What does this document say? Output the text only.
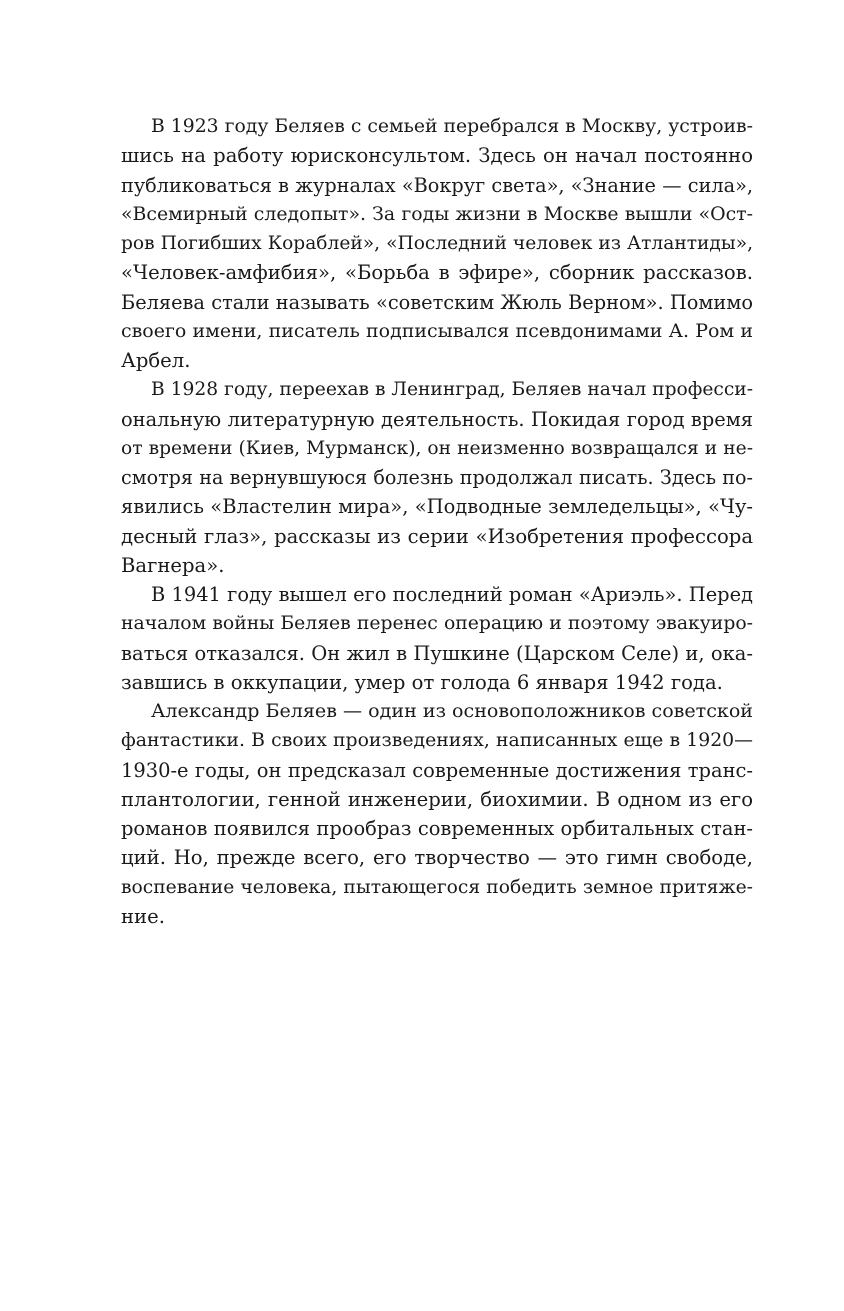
В 1923 году Беляев с семьей перебрался в Москву, устроив-
шись на работу юрисконсультом. Здесь он начал постоянно
публиковаться в журналах «Вокруг света», «Знание — сила»,
«Всемирный следопыт». За годы жизни в Москве вышли «Ост-
ров Погибших Кораблей», «Последний человек из Атлантиды»,
«Человек-амфибия», «Борьба в эфире», сборник рассказов.
Беляева стали называть «советским Жюль Верном». Помимо
своего имени, писатель подписывался псевдонимами А. Ром и
Арбел.
В 1928 году, переехав в Ленинград, Беляев начал професси-
ональную литературную деятельность. Покидая город время
от времени (Киев, Мурманск), он неизменно возвращался и не-
смотря на вернувшуюся болезнь продолжал писать. Здесь по-
явились «Властелин мира», «Подводные земледельцы», «Чу-
десный глаз», рассказы из серии «Изобретения профессора
Вагнера».
В 1941 году вышел его последний роман «Ариэль». Перед
началом войны Беляев перенес операцию и поэтому эвакуиро-
ваться отказался. Он жил в Пушкине (Царском Селе) и, ока-
завшись в оккупации, умер от голода 6 января 1942 года.
Александр Беляев — один из основоположников советской
фантастики. В своих произведениях, написанных еще в 1920—
1930-е годы, он предсказал современные достижения транс-
плантологии, генной инженерии, биохимии. В одном из его
романов появился прообраз современных орбитальных стан-
ций. Но, прежде всего, его творчество — это гимн свободе,
воспевание человека, пытающегося победить земное притяже-
ние.
